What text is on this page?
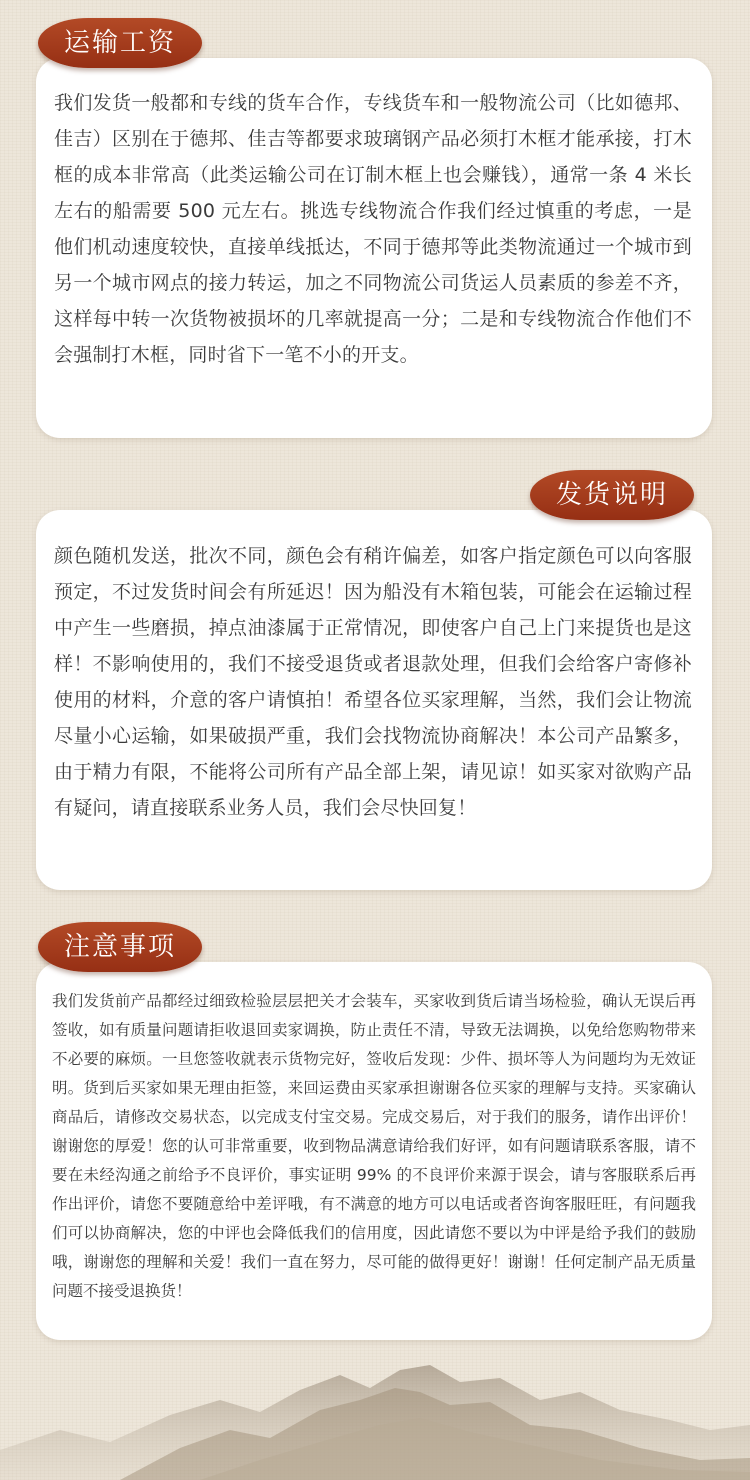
运输工资

我们发货一般都和专线的货车合作，专线货车和一般物流公司（比如德邦、佳吉）区别在于德邦、佳吉等都要求玻璃钢产品必须打木框才能承接，打木框的成本非常高（此类运输公司在订制木框上也会赚钱），通常一条 4 米长左右的船需要 500 元左右。挑选专线物流合作我们经过慎重的考虑，一是他们机动速度较快，直接单线抵达，不同于德邦等此类物流通过一个城市到另一个城市网点的接力转运，加之不同物流公司货运人员素质的参差不齐，这样每中转一次货物被损坏的几率就提高一分；二是和专线物流合作他们不会强制打木框，同时省下一笔不小的开支。

发货说明

颜色随机发送，批次不同，颜色会有稍许偏差，如客户指定颜色可以向客服预定，不过发货时间会有所延迟！因为船没有木箱包装，可能会在运输过程中产生一些磨损，掉点油漆属于正常情况，即使客户自己上门来提货也是这样！不影响使用的，我们不接受退货或者退款处理，但我们会给客户寄修补使用的材料，介意的客户请慎拍！希望各位买家理解，当然，我们会让物流尽量小心运输，如果破损严重，我们会找物流协商解决！本公司产品繁多，由于精力有限，不能将公司所有产品全部上架，请见谅！如买家对欲购产品有疑问，请直接联系业务人员，我们会尽快回复！

注意事项

我们发货前产品都经过细致检验层层把关才会装车，买家收到货后请当场检验，确认无误后再签收，如有质量问题请拒收退回卖家调换，防止责任不清，导致无法调换，以免给您购物带来不必要的麻烦。一旦您签收就表示货物完好，签收后发现：少件、损坏等人为问题均为无效证明。货到后买家如果无理由拒签，来回运费由买家承担谢谢各位买家的理解与支持。买家确认商品后，请修改交易状态，以完成支付宝交易。完成交易后，对于我们的服务，请作出评价！谢谢您的厚爱！您的认可非常重要，收到物品满意请给我们好评，如有问题请联系客服，请不要在未经沟通之前给予不良评价，事实证明 99% 的不良评价来源于误会，请与客服联系后再作出评价，请您不要随意给中差评哦，有不满意的地方可以电话或者咨询客服旺旺，有问题我们可以协商解决，您的中评也会降低我们的信用度，因此请您不要以为中评是给予我们的鼓励哦，谢谢您的理解和关爱！我们一直在努力，尽可能的做得更好！谢谢！任何定制产品无质量问题不接受退换货！
